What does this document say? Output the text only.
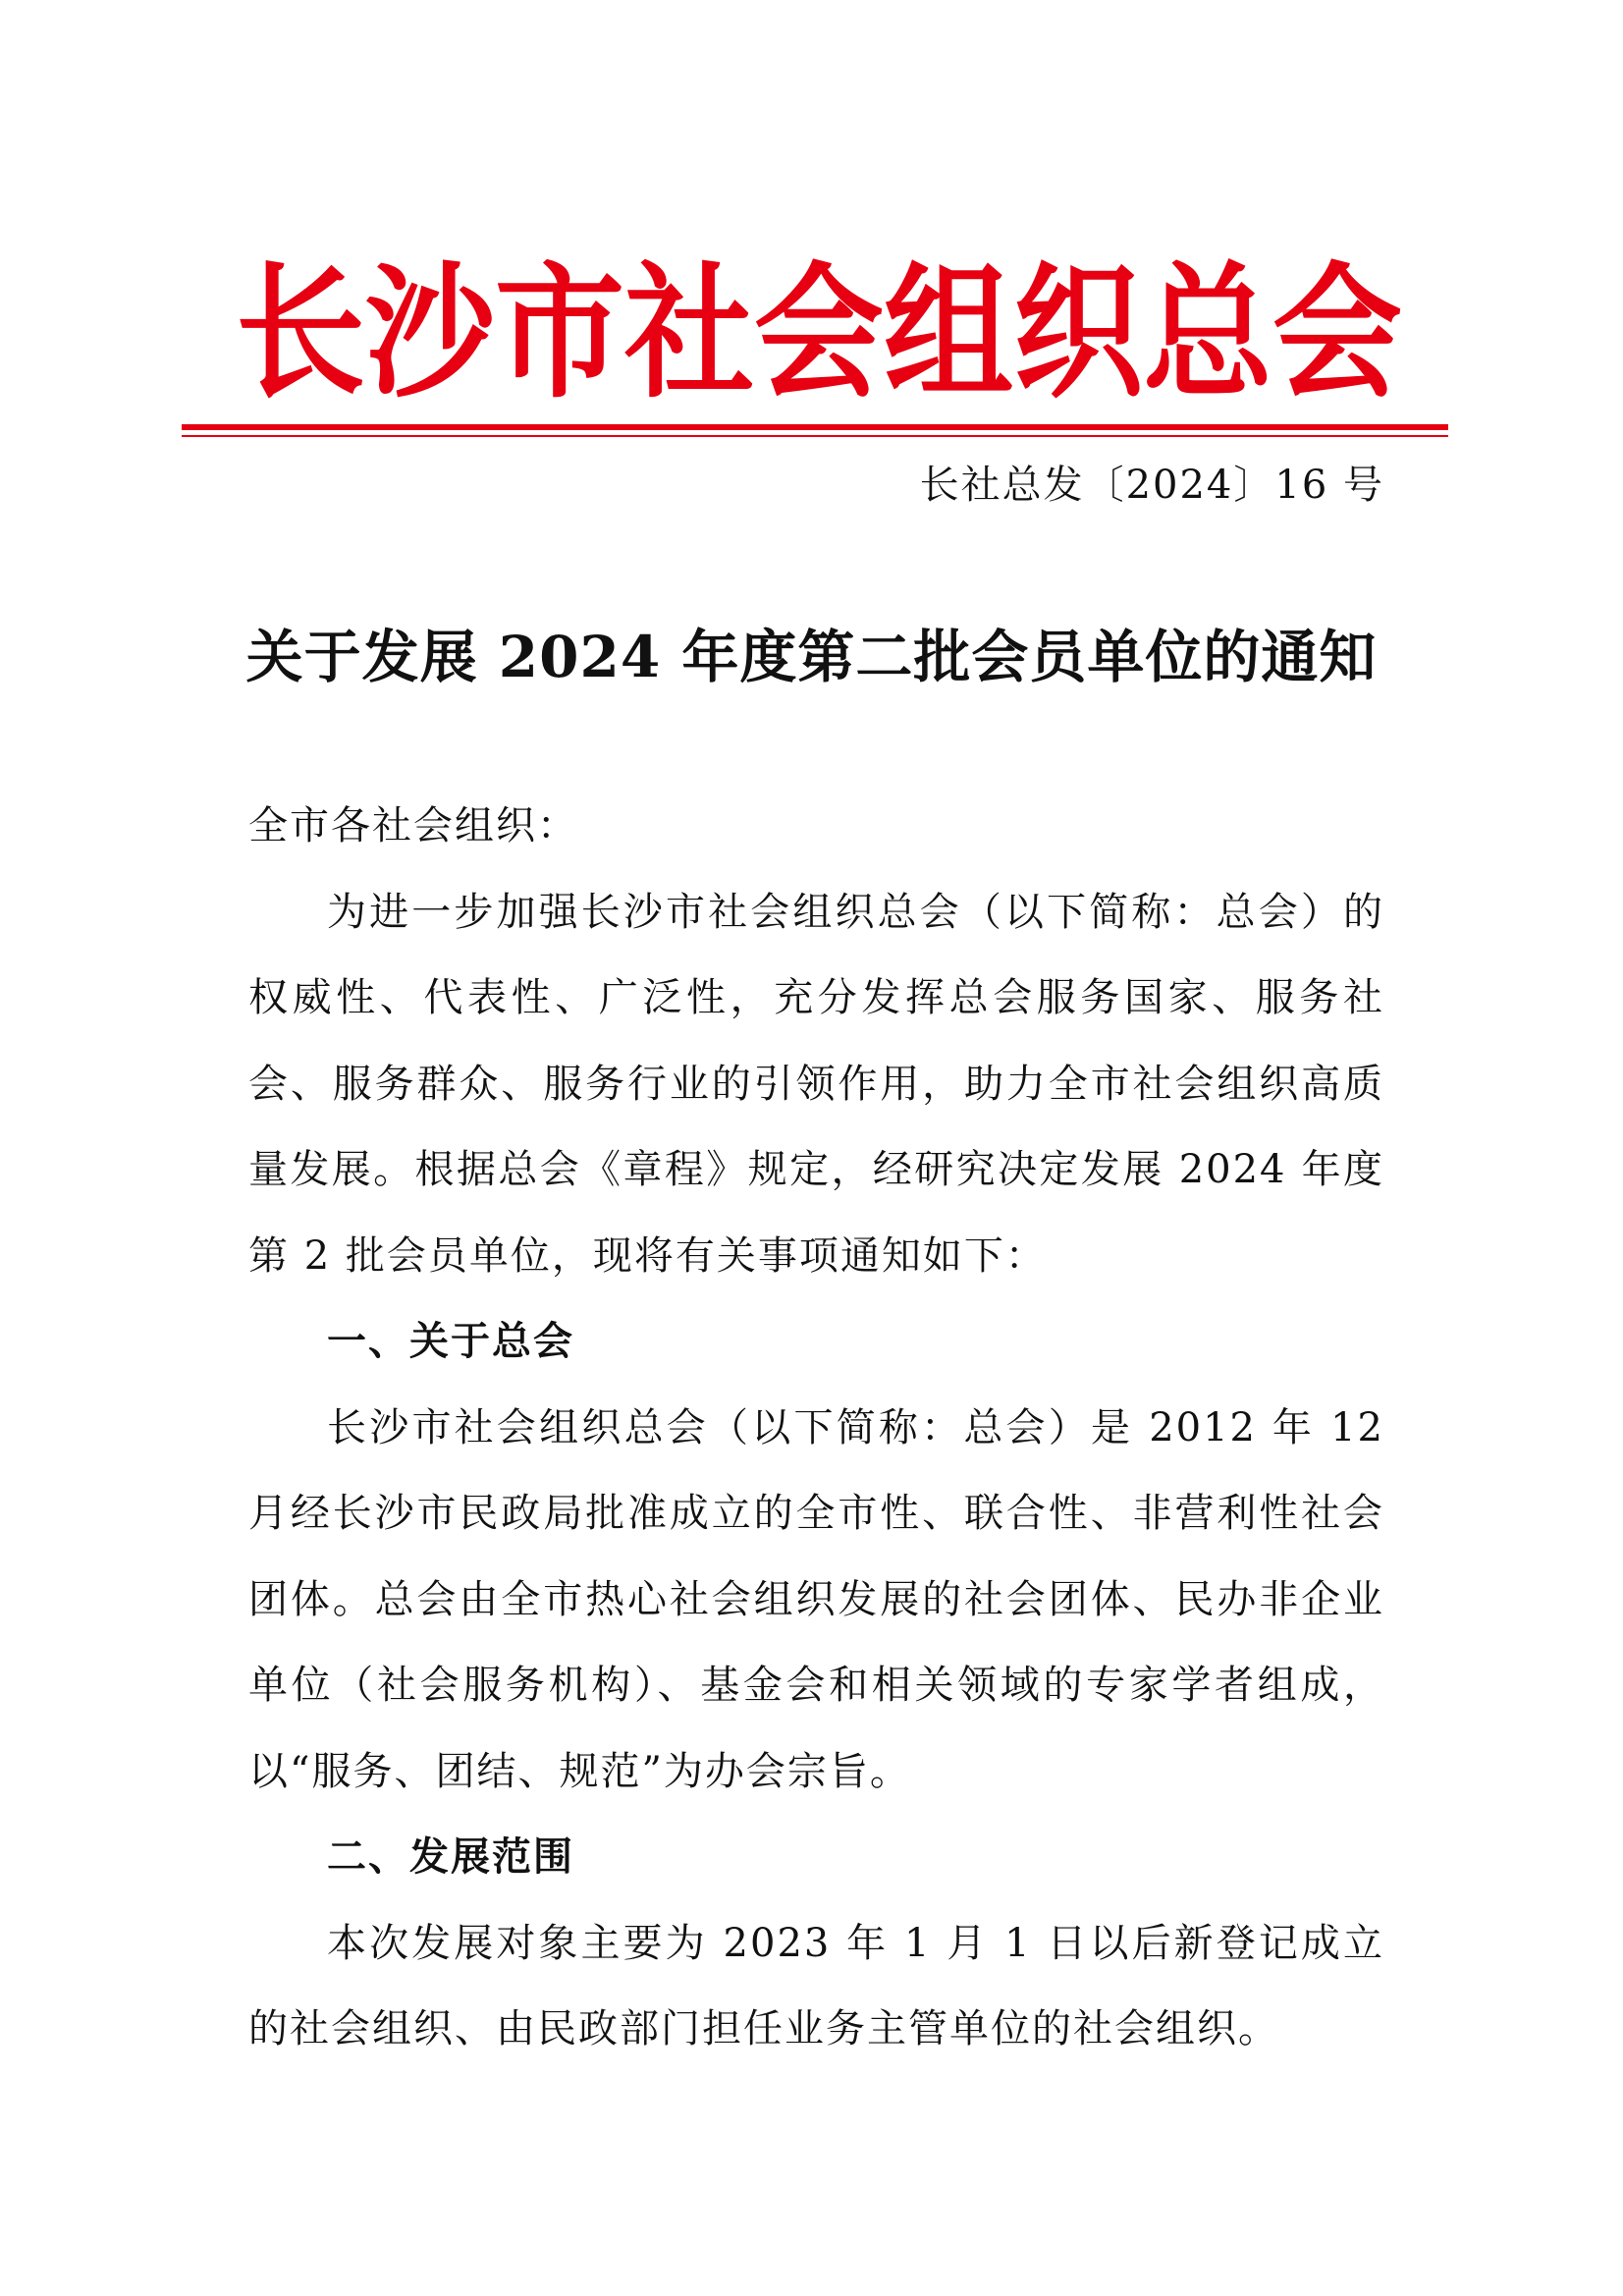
长 沙 市 社 会 组 织 总 会
长社总发〔2024〕16 号
关于发展 2024 年度第二批会员单位的通知

全市各社会组织：

为进一步加强长沙市社会组织总会（以下简称：总会）的权威性、代表性、广泛性，充分发挥总会服务国家、服务社会、服务群众、服务行业的引领作用，助力全市社会组织高质量发展。根据总会《章程》规定，经研究决定发展 2024 年度第 2 批会员单位，现将有关事项通知如下：

一、关于总会

长沙市社会组织总会（以下简称：总会）是 2012 年 12 月经长沙市民政局批准成立的全市性、联合性、非营利性社会团体。总会由全市热心社会组织发展的社会团体、民办非企业单位（社会服务机构）、基金会和相关领域的专家学者组成，以“服务、团结、规范”为办会宗旨。

二、发展范围

本次发展对象主要为 2023 年 1 月 1 日以后新登记成立的社会组织、由民政部门担任业务主管单位的社会组织。
